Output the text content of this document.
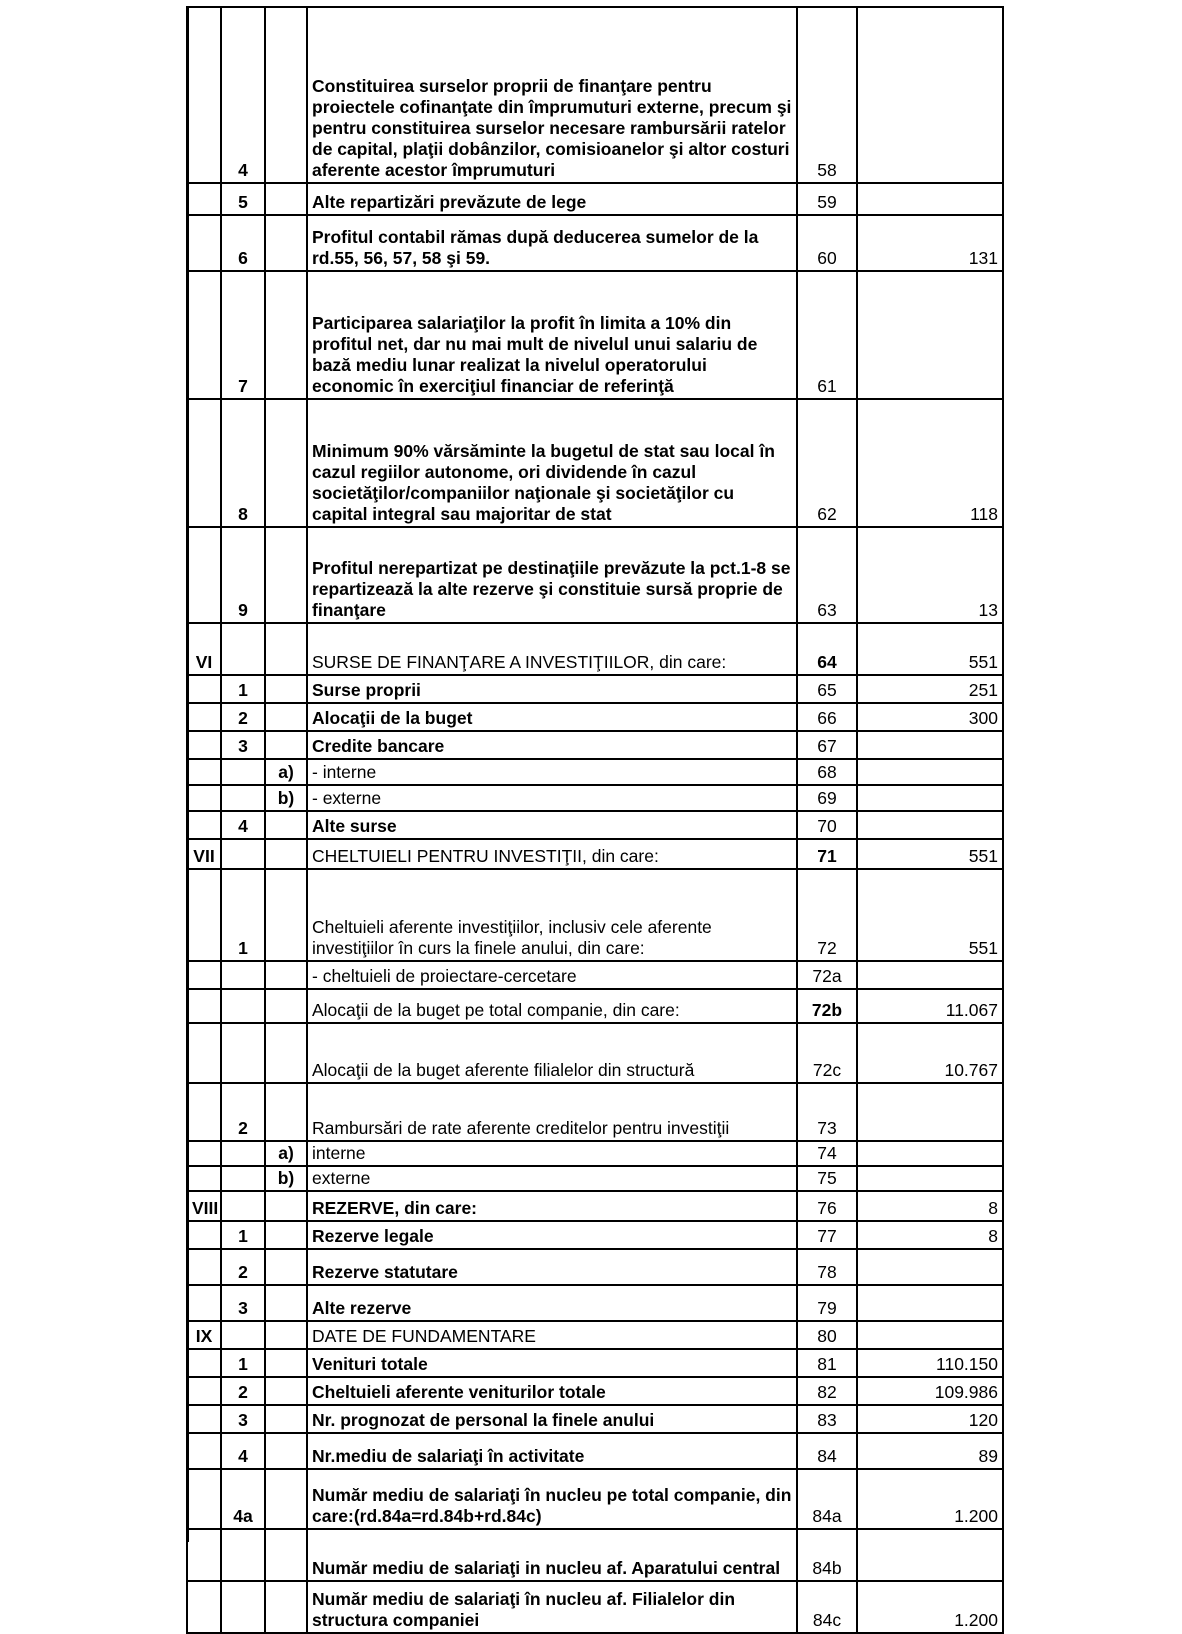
	4		Constituirea surselor proprii de finanţare pentru proiectele cofinanţate din împrumuturi externe, precum şi pentru constituirea surselor necesare rambursării ratelor de capital, plaţii dobânzilor, comisioanelor şi altor costuri aferente acestor împrumuturi	58	
	5		Alte repartizări prevăzute de lege	59	
	6		Profitul contabil rămas după deducerea sumelor de la rd.55, 56, 57, 58 şi 59.	60	131
	7		Participarea salariaţilor la profit în limita a 10% din profitul net, dar nu mai mult de nivelul unui salariu de bază mediu lunar realizat la nivelul operatorului economic în exerciţiul financiar de referinţă	61	
	8		Minimum 90% vărsăminte la bugetul de stat sau local în cazul regiilor autonome, ori dividende în cazul societăţilor/companiilor naţionale şi societăţilor cu capital integral sau majoritar de stat	62	118
	9		Profitul nerepartizat pe destinaţiile prevăzute la pct.1-8 se repartizează la alte rezerve şi constituie sursă proprie de finanţare	63	13
VI			SURSE DE FINANŢARE A INVESTIŢIILOR, din care:	64	551
	1		Surse proprii	65	251
	2		Alocaţii de la buget	66	300
	3		Credite bancare	67	
		a)	- interne	68	
		b)	- externe	69	
	4		Alte surse	70	
VII			CHELTUIELI PENTRU INVESTIŢII, din care:	71	551
	1		Cheltuieli aferente investiţiilor, inclusiv cele aferente investiţiilor în curs la finele anului, din care:	72	551
			- cheltuieli de proiectare-cercetare	72a	
			Alocaţii de la buget pe total companie, din care:	72b	11.067
			Alocaţii de la buget aferente filialelor din structură	72c	10.767
	2		Rambursări de rate aferente creditelor pentru investiţii	73	
		a)	interne	74	
		b)	externe	75	
VIII			REZERVE, din care:	76	8
	1		Rezerve legale	77	8
	2		Rezerve statutare	78	
	3		Alte rezerve	79	
IX			DATE DE FUNDAMENTARE	80	
	1		Venituri totale	81	110.150
	2		Cheltuieli aferente veniturilor totale	82	109.986
	3		Nr. prognozat de personal la finele anului	83	120
	4		Nr.mediu de salariaţi în activitate	84	89
	4a		Număr mediu de salariaţi în nucleu pe total companie, din care:(rd.84a=rd.84b+rd.84c)	84a	1.200
			Număr mediu de salariaţi in nucleu af. Aparatului central	84b	
			Număr mediu de salariaţi în nucleu af. Filialelor din structura companiei	84c	1.200
